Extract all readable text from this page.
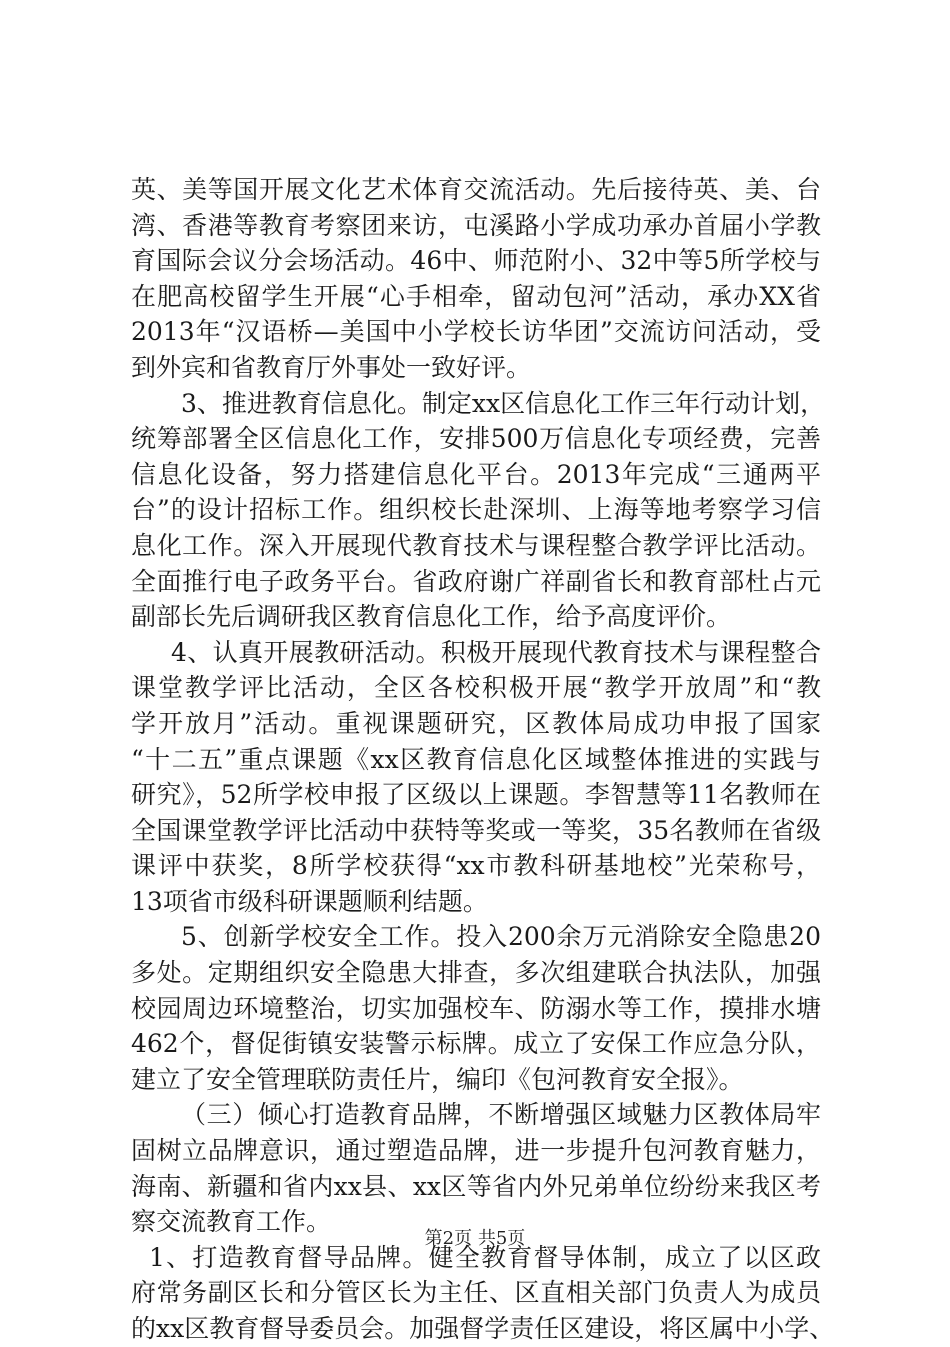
英、美等国开展文化艺术体育交流活动。先后接待英、美、台
湾、香港等教育考察团来访，屯溪路小学成功承办首届小学教
育国际会议分会场活动。46中、师范附小、32中等5所学校与
在肥高校留学生开展“心手相牵，留动包河”活动，承办XX省
2013年“汉语桥—美国中小学校长访华团”交流访问活动，受
到外宾和省教育厅外事处一致好评。
3、推进教育信息化。制定xx区信息化工作三年行动计划，
统筹部署全区信息化工作，安排500万信息化专项经费，完善
信息化设备，努力搭建信息化平台。2013年完成“三通两平
台”的设计招标工作。组织校长赴深圳、上海等地考察学习信
息化工作。深入开展现代教育技术与课程整合教学评比活动。
全面推行电子政务平台。省政府谢广祥副省长和教育部杜占元
副部长先后调研我区教育信息化工作，给予高度评价。
4、认真开展教研活动。积极开展现代教育技术与课程整合
课堂教学评比活动，全区各校积极开展“教学开放周”和“教
学开放月”活动。重视课题研究，区教体局成功申报了国家
“十二五”重点课题《xx区教育信息化区域整体推进的实践与
研究》，52所学校申报了区级以上课题。李智慧等11名教师在
全国课堂教学评比活动中获特等奖或一等奖，35名教师在省级
课评中获奖，8所学校获得“xx市教科研基地校”光荣称号，
13项省市级科研课题顺利结题。
5、创新学校安全工作。投入200余万元消除安全隐患20
多处。定期组织安全隐患大排查，多次组建联合执法队，加强
校园周边环境整治，切实加强校车、防溺水等工作，摸排水塘
462个，督促街镇安装警示标牌。成立了安保工作应急分队，
建立了安全管理联防责任片，编印《包河教育安全报》。
（三）倾心打造教育品牌，不断增强区域魅力区教体局牢
固树立品牌意识，通过塑造品牌，进一步提升包河教育魅力，
海南、新疆和省内xx县、xx区等省内外兄弟单位纷纷来我区考
察交流教育工作。
1、打造教育督导品牌。健全教育督导体制，成立了以区政
府常务副区长和分管区长为主任、区直相关部门负责人为成员
的xx区教育督导委员会。加强督学责任区建设，将区属中小学、
第2页 共5页
